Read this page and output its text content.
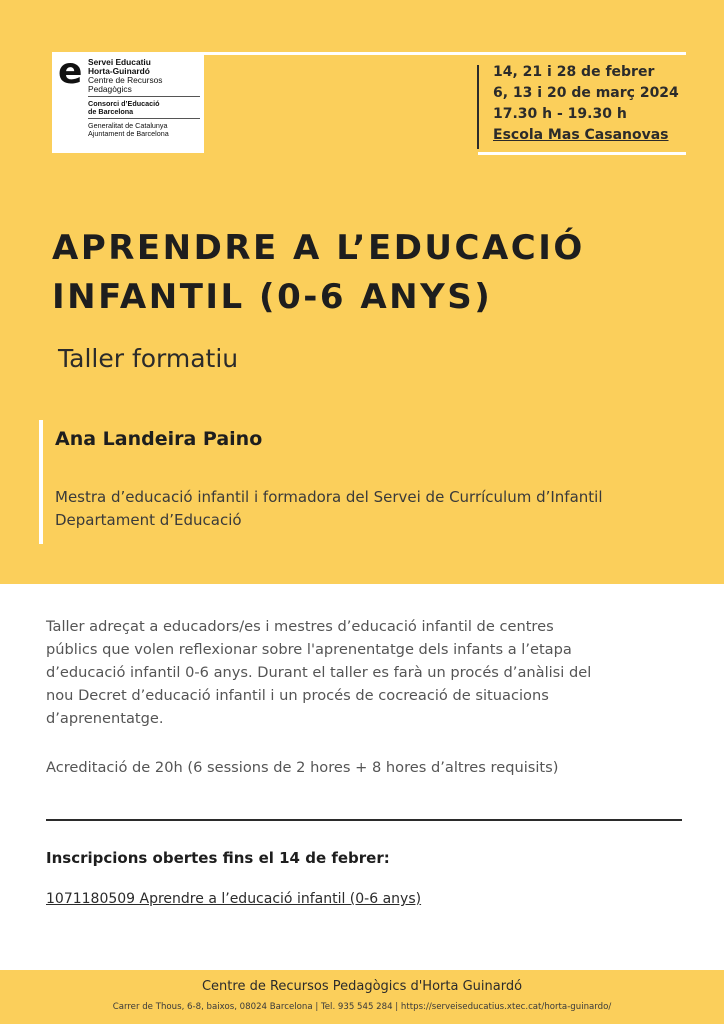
e Servei Educatiu
Horta-Guinardó
Centre de Recursos
Pedagògics
Consorci d’Educació
de Barcelona
Generalitat de Catalunya
Ajuntament de Barcelona
14, 21 i 28 de febrer
6, 13 i 20 de març 2024
17.30 h - 19.30 h
Escola Mas Casanovas
APRENDRE A L’EDUCACIÓ
INFANTIL (0-6 ANYS)
Taller formatiu
Ana Landeira Paino
Mestra d’educació infantil i formadora del Servei de Currículum d’Infantil
Departament d’Educació
Taller adreçat a educadors/es i mestres d’educació infantil de centres
públics que volen reflexionar sobre l'aprenentatge dels infants a l’etapa
d’educació infantil 0-6 anys. Durant el taller es farà un procés d’anàlisi del
nou Decret d’educació infantil i un procés de cocreació de situacions
d’aprenentatge.
Acreditació de 20h (6 sessions de 2 hores + 8 hores d’altres requisits)
Inscripcions obertes fins el 14 de febrer:
1071180509 Aprendre a l’educació infantil (0-6 anys)
Centre de Recursos Pedagògics d'Horta Guinardó
Carrer de Thous, 6-8, baixos, 08024 Barcelona | Tel. 935 545 284 | https://serveiseducatius.xtec.cat/horta-guinardo/
